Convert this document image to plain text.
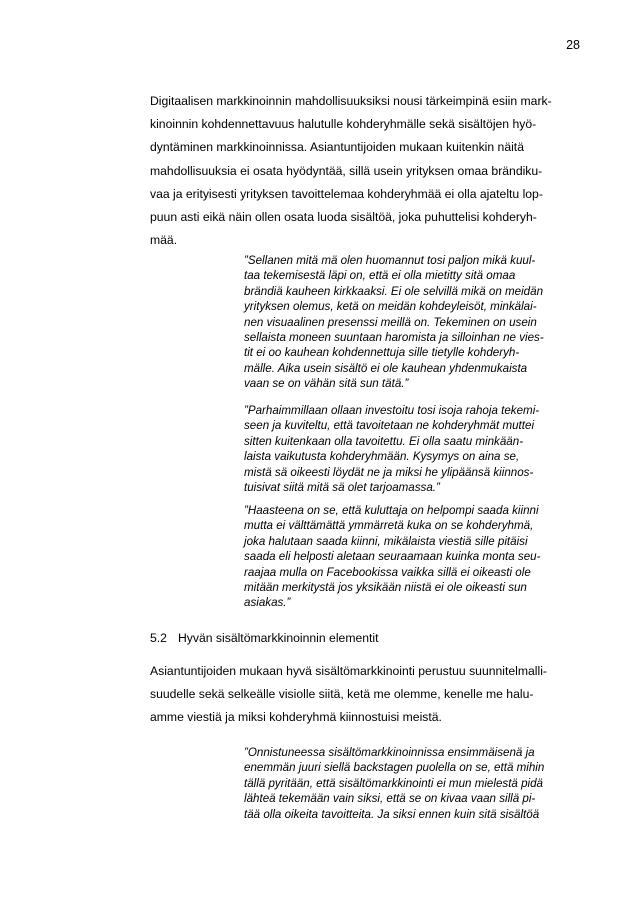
28
Digitaalisen markkinoinnin mahdollisuuksiksi nousi tärkeimpinä esiin mark-
kinoinnin kohdennettavuus halutulle kohderyhmälle sekä sisältöjen hyö-
dyntäminen markkinoinnissa. Asiantuntijoiden mukaan kuitenkin näitä
mahdollisuuksia ei osata hyödyntää, sillä usein yrityksen omaa brändiku-
vaa ja erityisesti yrityksen tavoittelemaa kohderyhmää ei olla ajateltu lop-
puun asti eikä näin ollen osata luoda sisältöä, joka puhuttelisi kohderyh-
mää.
”Sellanen mitä mä olen huomannut tosi paljon mikä kuul-
taa tekemisestä läpi on, että ei olla mietitty sitä omaa
brändiä kauheen kirkkaaksi. Ei ole selvillä mikä on meidän
yrityksen olemus, ketä on meidän kohdeyleisöt, minkälai-
nen visuaalinen presenssi meillä on. Tekeminen on usein
sellaista moneen suuntaan haromista ja silloinhan ne vies-
tit ei oo kauhean kohdennettuja sille tietylle kohderyh-
mälle. Aika usein sisältö ei ole kauhean yhdenmukaista
vaan se on vähän sitä sun tätä.”
”Parhaimmillaan ollaan investoitu tosi isoja rahoja tekemi-
seen ja kuviteltu, että tavoitetaan ne kohderyhmät muttei
sitten kuitenkaan olla tavoitettu. Ei olla saatu minkään-
laista vaikutusta kohderyhmään. Kysymys on aina se,
mistä sä oikeesti löydät ne ja miksi he ylipäänsä kiinnos-
tuisivat siitä mitä sä olet tarjoamassa.”
”Haasteena on se, että kuluttaja on helpompi saada kiinni
mutta ei välttämättä ymmärretä kuka on se kohderyhmä,
joka halutaan saada kiinni, mikälaista viestiä sille pitäisi
saada eli helposti aletaan seuraamaan kuinka monta seu-
raajaa mulla on Facebookissa vaikka sillä ei oikeasti ole
mitään merkitystä jos yksikään niistä ei ole oikeasti sun
asiakas.”
5.2 Hyvän sisältömarkkinoinnin elementit
Asiantuntijoiden mukaan hyvä sisältömarkkinointi perustuu suunnitelmalli-
suudelle sekä selkeälle visiolle siitä, ketä me olemme, kenelle me halu-
amme viestiä ja miksi kohderyhmä kiinnostuisi meistä.
”Onnistuneessa sisältömarkkinoinnissa ensimmäisenä ja
enemmän juuri siellä backstagen puolella on se, että mihin
tällä pyritään, että sisältömarkkinointi ei mun mielestä pidä
lähteä tekemään vain siksi, että se on kivaa vaan sillä pi-
tää olla oikeita tavoitteita. Ja siksi ennen kuin sitä sisältöä
